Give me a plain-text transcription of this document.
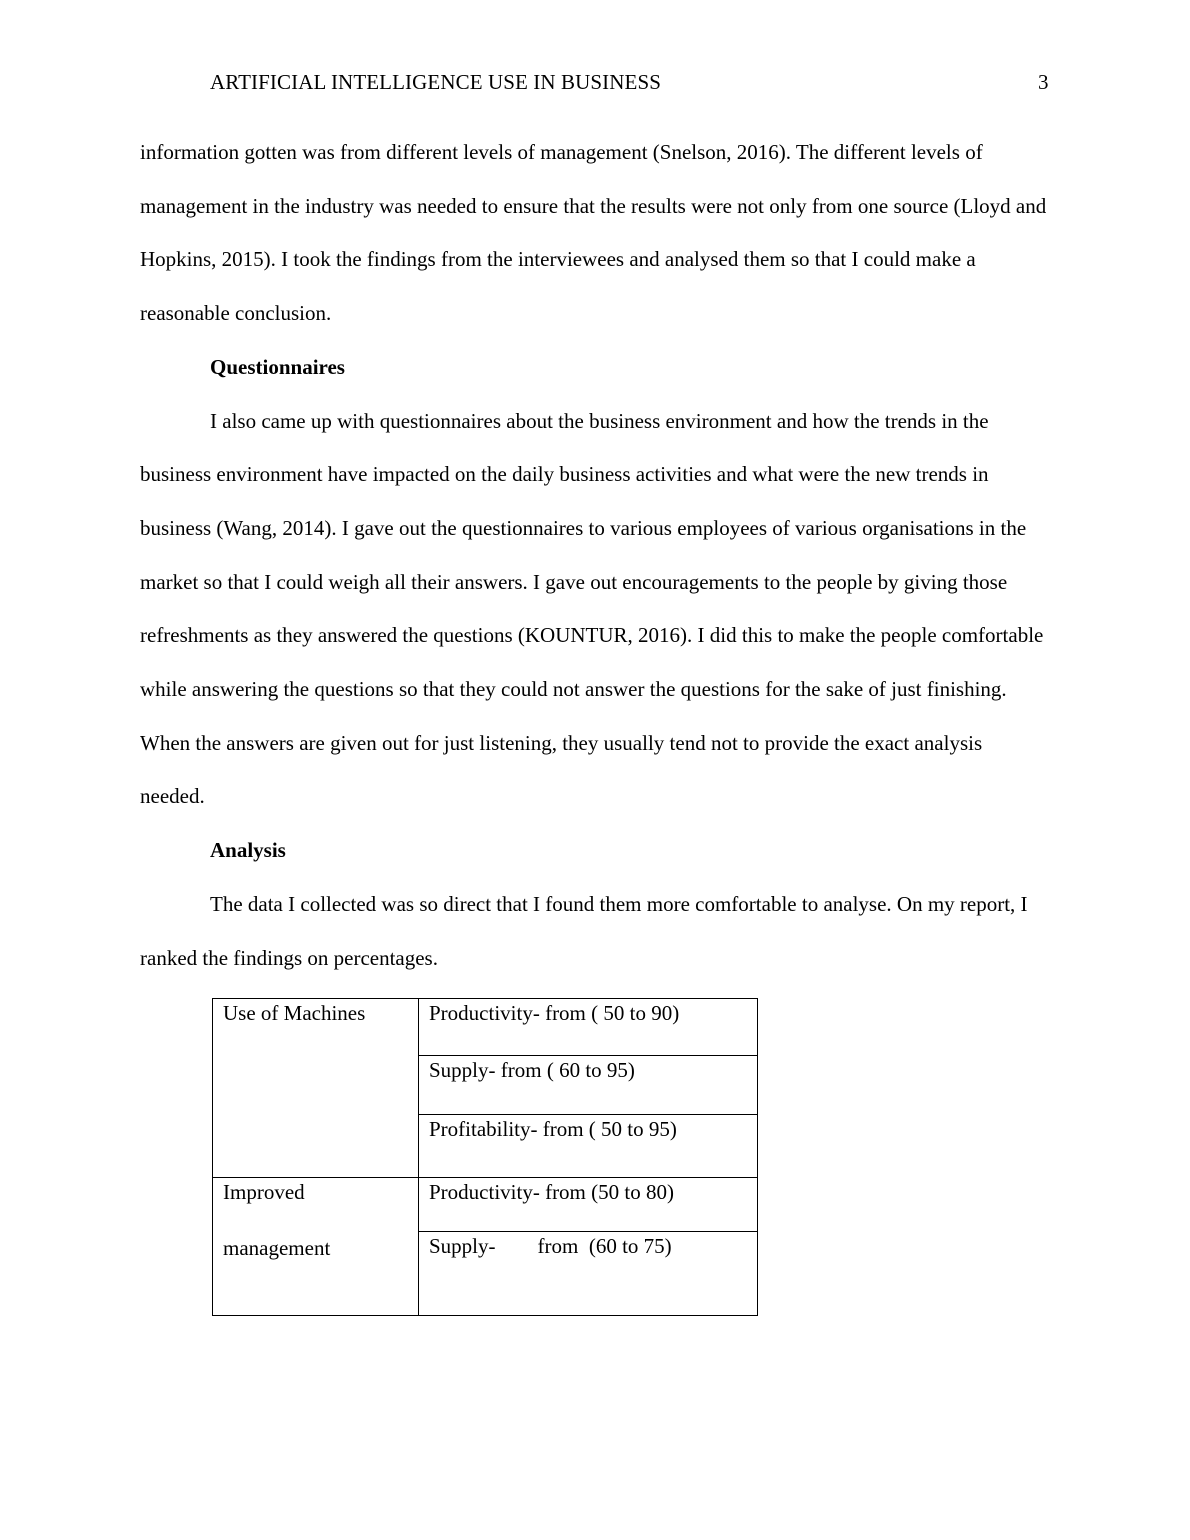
ARTIFICIAL INTELLIGENCE USE IN BUSINESS	3

information gotten was from different levels of management (Snelson, 2016). The different levels of management in the industry was needed to ensure that the results were not only from one source (Lloyd and Hopkins, 2015). I took the findings from the interviewees and analysed them so that I could make a reasonable conclusion.

Questionnaires

I also came up with questionnaires about the business environment and how the trends in the business environment have impacted on the daily business activities and what were the new trends in business (Wang, 2014). I gave out the questionnaires to various employees of various organisations in the market so that I could weigh all their answers. I gave out encouragements to the people by giving those refreshments as they answered the questions (KOUNTUR, 2016). I did this to make the people comfortable while answering the questions so that they could not answer the questions for the sake of just finishing. When the answers are given out for just listening, they usually tend not to provide the exact analysis needed.

Analysis

The data I collected was so direct that I found them more comfortable to analyse. On my report, I ranked the findings on percentages.

Use of Machines	Productivity- from ( 50 to 90)

	Supply- from ( 60 to 95)

	Profitability- from ( 50 to 95)

Improved
management	Productivity- from (50 to 80)

	Supply-        from  (60 to 75)
